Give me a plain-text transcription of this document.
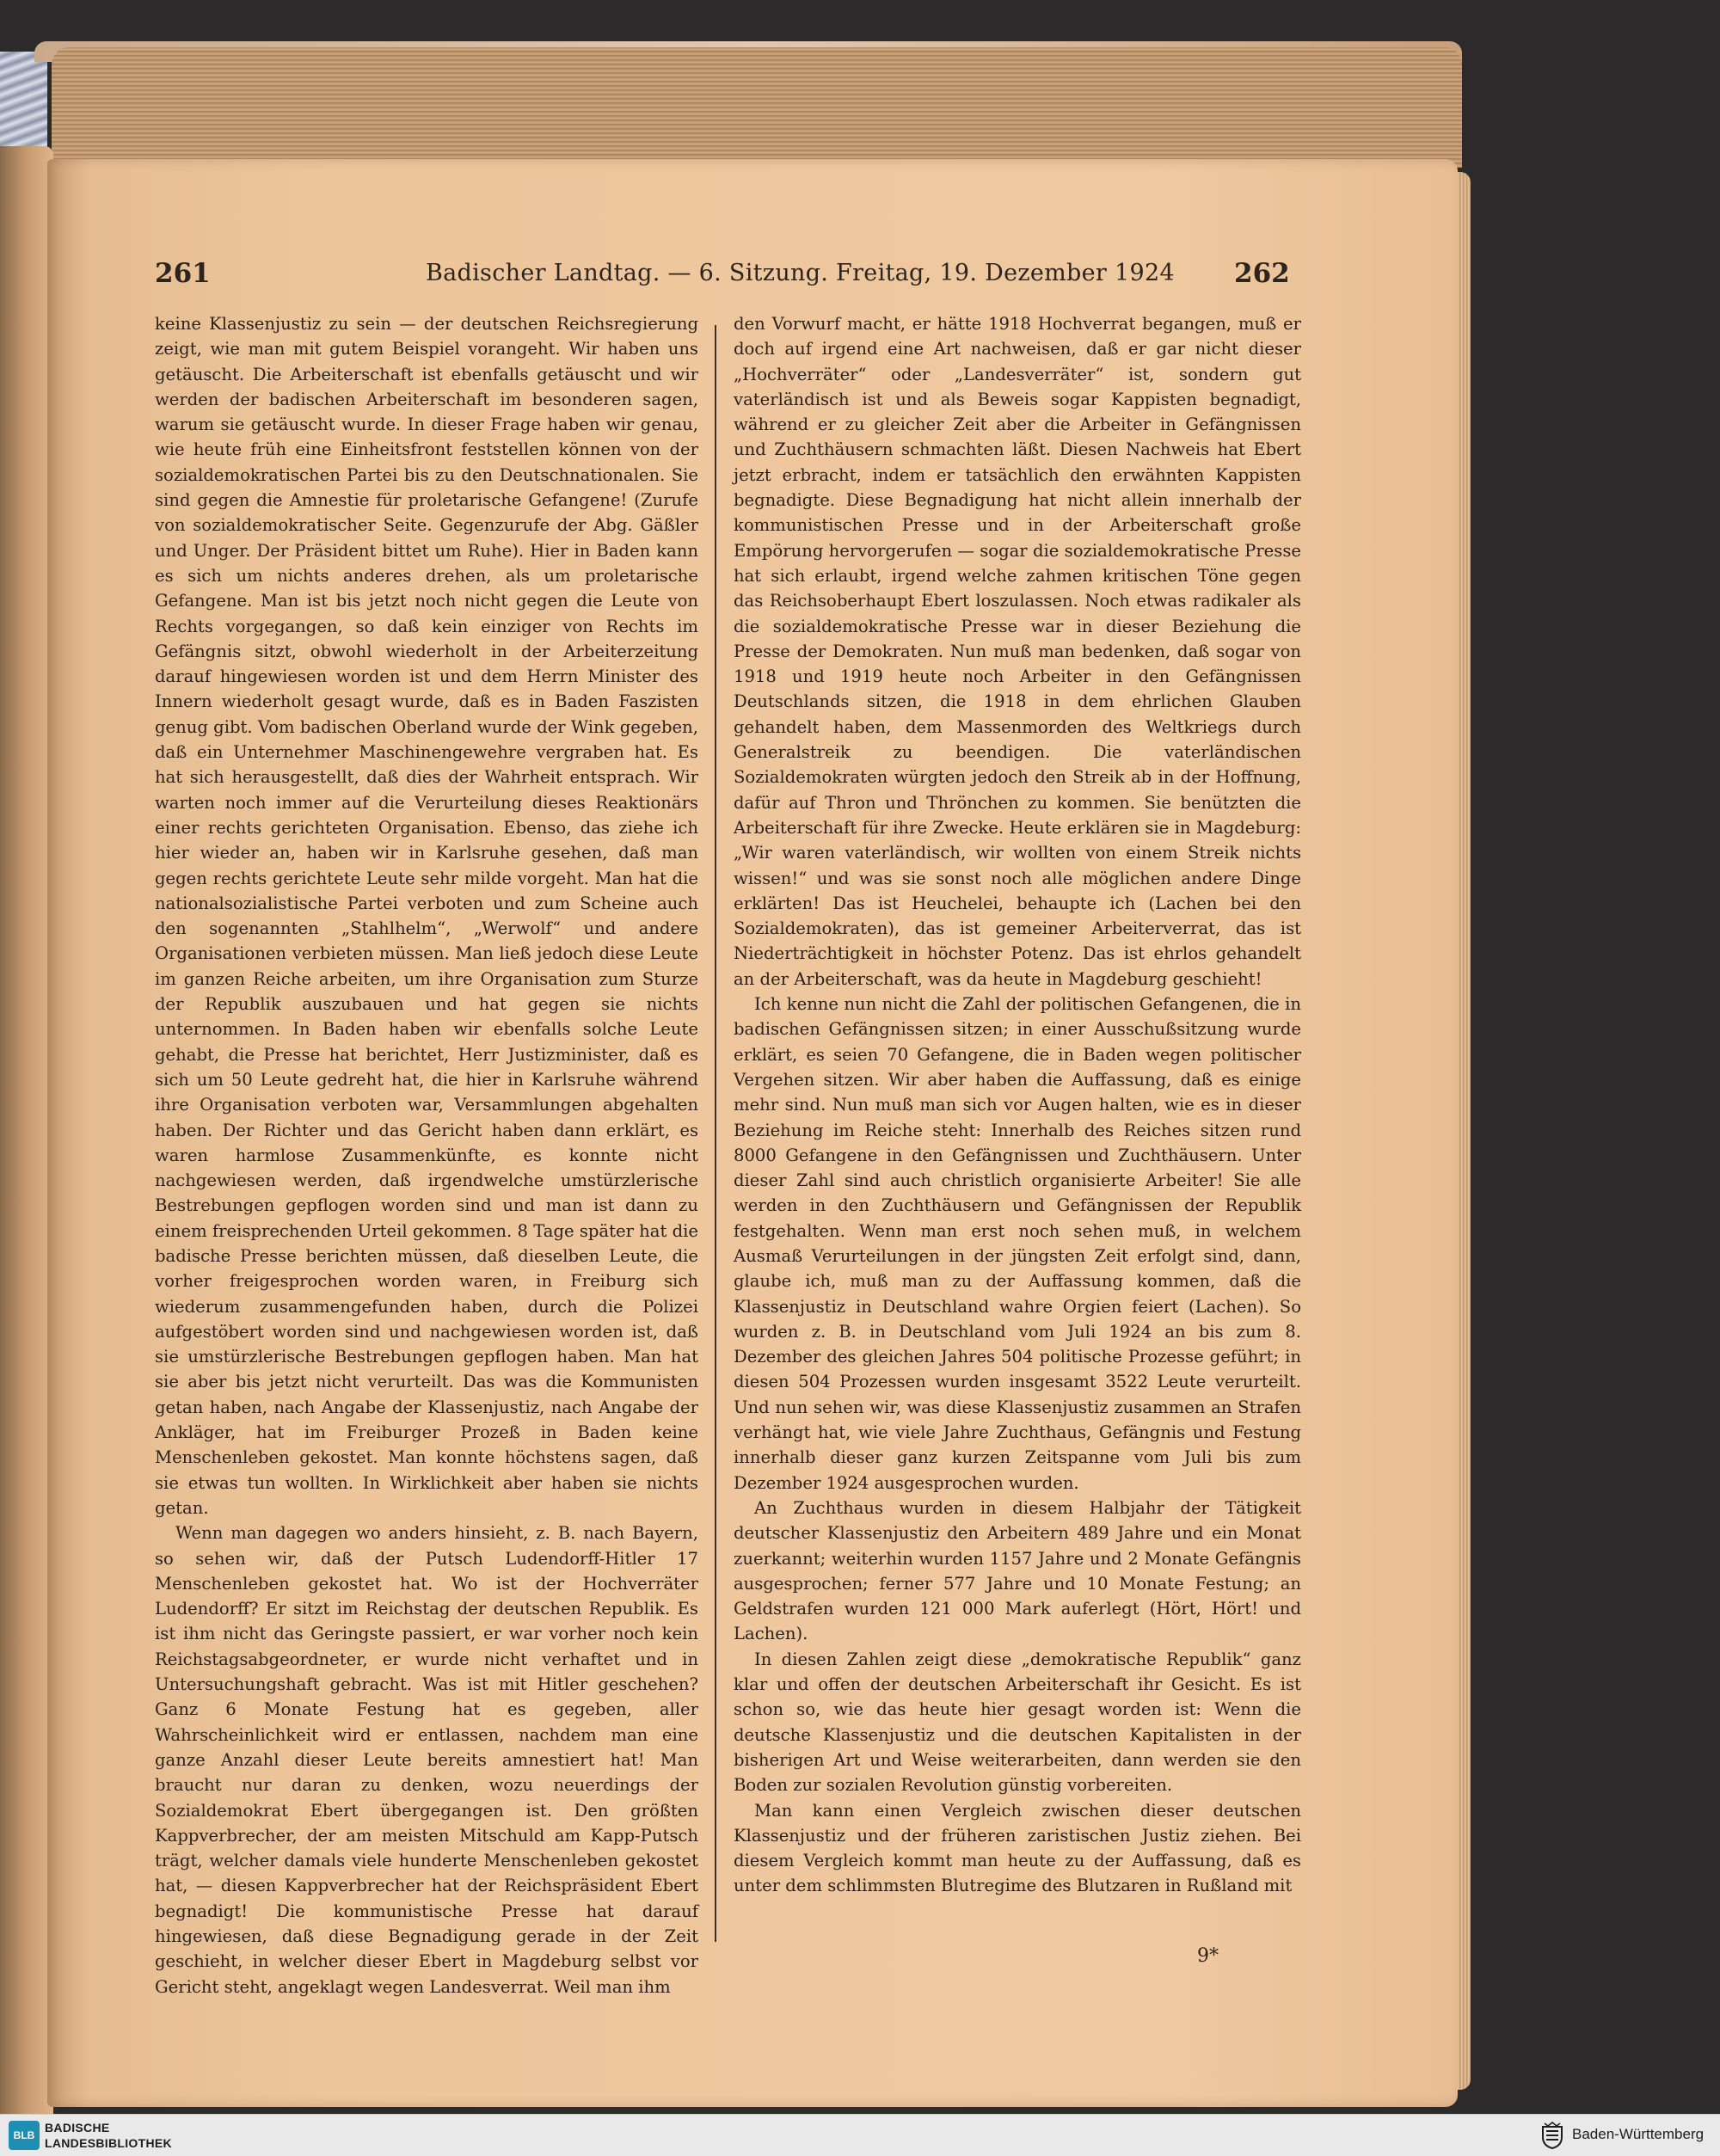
261	Badischer Landtag. — 6. Sitzung. Freitag, 19. Dezember 1924 262

keine Klassenjustiz zu sein — der deutschen Reichsregierung zeigt, wie man mit gutem Beispiel vorangeht. Wir haben uns getäuscht. Die Arbeiterschaft ist ebenfalls getäuscht und wir werden der badischen Arbeiterschaft im besonderen sagen, warum sie getäuscht wurde. In dieser Frage haben wir genau, wie heute früh eine Einheitsfront feststellen können von der sozialdemokratischen Partei bis zu den Deutschnationalen. Sie sind gegen die Amnestie für proletarische Gefangene! (Zurufe von sozialdemokratischer Seite. Gegenzurufe der Abg. Gäßler und Unger. Der Präsident bittet um Ruhe). Hier in Baden kann es sich um nichts anderes drehen, als um proletarische Gefangene. Man ist bis jetzt noch nicht gegen die Leute von Rechts vorgegangen, so daß kein einziger von Rechts im Gefängnis sitzt, obwohl wiederholt in der Arbeiterzeitung darauf hingewiesen worden ist und dem Herrn Minister des Innern wiederholt gesagt wurde, daß es in Baden Faszisten genug gibt. Vom badischen Oberland wurde der Wink gegeben, daß ein Unternehmer Maschinengewehre vergraben hat. Es hat sich herausgestellt, daß dies der Wahrheit entsprach. Wir warten noch immer auf die Verurteilung dieses Reaktionärs einer rechts gerichteten Organisation. Ebenso, das ziehe ich hier wieder an, haben wir in Karlsruhe gesehen, daß man gegen rechts gerichtete Leute sehr milde vorgeht. Man hat die nationalsozialistische Partei verboten und zum Scheine auch den sogenannten „Stahlhelm“, „Werwolf“ und andere Organisationen verbieten müssen. Man ließ jedoch diese Leute im ganzen Reiche arbeiten, um ihre Organisation zum Sturze der Republik auszubauen und hat gegen sie nichts unternommen. In Baden haben wir ebenfalls solche Leute gehabt, die Presse hat berichtet, Herr Justizminister, daß es sich um 50 Leute gedreht hat, die hier in Karlsruhe während ihre Organisation verboten war, Versammlungen abgehalten haben. Der Richter und das Gericht haben dann erklärt, es waren harmlose Zusammenkünfte, es konnte nicht nachgewiesen werden, daß irgendwelche umstürzlerische Bestrebungen gepflogen worden sind und man ist dann zu einem freisprechenden Urteil gekommen. 8 Tage später hat die badische Presse berichten müssen, daß dieselben Leute, die vorher freigesprochen worden waren, in Freiburg sich wiederum zusammengefunden haben, durch die Polizei aufgestöbert worden sind und nachgewiesen worden ist, daß sie umstürzlerische Bestrebungen gepflogen haben. Man hat sie aber bis jetzt nicht verurteilt. Das was die Kommunisten getan haben, nach Angabe der Klassenjustiz, nach Angabe der Ankläger, hat im Freiburger Prozeß in Baden keine Menschenleben gekostet. Man konnte höchstens sagen, daß sie etwas tun wollten. In Wirklichkeit aber haben sie nichts getan.

Wenn man dagegen wo anders hinsieht, z. B. nach Bayern, so sehen wir, daß der Putsch Ludendorff-Hitler 17 Menschenleben gekostet hat. Wo ist der Hochverräter Ludendorff? Er sitzt im Reichstag der deutschen Republik. Es ist ihm nicht das Geringste passiert, er war vorher noch kein Reichstagsabgeordneter, er wurde nicht verhaftet und in Untersuchungshaft gebracht. Was ist mit Hitler geschehen? Ganz 6 Monate Festung hat es gegeben, aller Wahrscheinlichkeit wird er entlassen, nachdem man eine ganze Anzahl dieser Leute bereits amnestiert hat! Man braucht nur daran zu denken, wozu neuerdings der Sozialdemokrat Ebert übergegangen ist. Den größten Kappverbrecher, der am meisten Mitschuld am Kapp-Putsch trägt, welcher damals viele hunderte Menschenleben gekostet hat, — diesen Kappverbrecher hat der Reichspräsident Ebert begnadigt! Die kommunistische Presse hat darauf hingewiesen, daß diese Begnadigung gerade in der Zeit geschieht, in welcher dieser Ebert in Magdeburg selbst vor Gericht steht, angeklagt wegen Landesverrat. Weil man ihm

den Vorwurf macht, er hätte 1918 Hochverrat begangen, muß er doch auf irgend eine Art nachweisen, daß er gar nicht dieser „Hochverräter“ oder „Landesverräter“ ist, sondern gut vaterländisch ist und als Beweis sogar Kappisten begnadigt, während er zu gleicher Zeit aber die Arbeiter in Gefängnissen und Zuchthäusern schmachten läßt. Diesen Nachweis hat Ebert jetzt erbracht, indem er tatsächlich den erwähnten Kappisten begnadigte. Diese Begnadigung hat nicht allein innerhalb der kommunistischen Presse und in der Arbeiterschaft große Empörung hervorgerufen — sogar die sozialdemokratische Presse hat sich erlaubt, irgend welche zahmen kritischen Töne gegen das Reichsoberhaupt Ebert loszulassen. Noch etwas radikaler als die sozialdemokratische Presse war in dieser Beziehung die Presse der Demokraten. Nun muß man bedenken, daß sogar von 1918 und 1919 heute noch Arbeiter in den Gefängnissen Deutschlands sitzen, die 1918 in dem ehrlichen Glauben gehandelt haben, dem Massenmorden des Weltkriegs durch Generalstreik zu beendigen. Die vaterländischen Sozialdemokraten würgten jedoch den Streik ab in der Hoffnung, dafür auf Thron und Thrönchen zu kommen. Sie benützten die Arbeiterschaft für ihre Zwecke. Heute erklären sie in Magdeburg: „Wir waren vaterländisch, wir wollten von einem Streik nichts wissen!“ und was sie sonst noch alle möglichen andere Dinge erklärten! Das ist Heuchelei, behaupte ich (Lachen bei den Sozialdemokraten), das ist gemeiner Arbeiterverrat, das ist Niederträchtigkeit in höchster Potenz. Das ist ehrlos gehandelt an der Arbeiterschaft, was da heute in Magdeburg geschieht!

Ich kenne nun nicht die Zahl der politischen Gefangenen, die in badischen Gefängnissen sitzen; in einer Ausschußsitzung wurde erklärt, es seien 70 Gefangene, die in Baden wegen politischer Vergehen sitzen. Wir aber haben die Auffassung, daß es einige mehr sind. Nun muß man sich vor Augen halten, wie es in dieser Beziehung im Reiche steht: Innerhalb des Reiches sitzen rund 8000 Gefangene in den Gefängnissen und Zuchthäusern. Unter dieser Zahl sind auch christlich organisierte Arbeiter! Sie alle werden in den Zuchthäusern und Gefängnissen der Republik festgehalten. Wenn man erst noch sehen muß, in welchem Ausmaß Verurteilungen in der jüngsten Zeit erfolgt sind, dann, glaube ich, muß man zu der Auffassung kommen, daß die Klassenjustiz in Deutschland wahre Orgien feiert (Lachen). So wurden z. B. in Deutschland vom Juli 1924 an bis zum 8. Dezember des gleichen Jahres 504 politische Prozesse geführt; in diesen 504 Prozessen wurden insgesamt 3522 Leute verurteilt. Und nun sehen wir, was diese Klassenjustiz zusammen an Strafen verhängt hat, wie viele Jahre Zuchthaus, Gefängnis und Festung innerhalb dieser ganz kurzen Zeitspanne vom Juli bis zum Dezember 1924 ausgesprochen wurden.

An Zuchthaus wurden in diesem Halbjahr der Tätigkeit deutscher Klassenjustiz den Arbeitern 489 Jahre und ein Monat zuerkannt; weiterhin wurden 1157 Jahre und 2 Monate Gefängnis ausgesprochen; ferner 577 Jahre und 10 Monate Festung; an Geldstrafen wurden 121 000 Mark auferlegt (Hört, Hört! und Lachen).

In diesen Zahlen zeigt diese „demokratische Republik“ ganz klar und offen der deutschen Arbeiterschaft ihr Gesicht. Es ist schon so, wie das heute hier gesagt worden ist: Wenn die deutsche Klassenjustiz und die deutschen Kapitalisten in der bisherigen Art und Weise weiterarbeiten, dann werden sie den Boden zur sozialen Revolution günstig vorbereiten.

Man kann einen Vergleich zwischen dieser deutschen Klassenjustiz und der früheren zaristischen Justiz ziehen. Bei diesem Vergleich kommt man heute zu der Auffassung, daß es unter dem schlimmsten Blutregime des Blutzaren in Rußland mit

9*
BLB
BADISCHE
LANDESBIBLIOTHEK
Baden-Württemberg
